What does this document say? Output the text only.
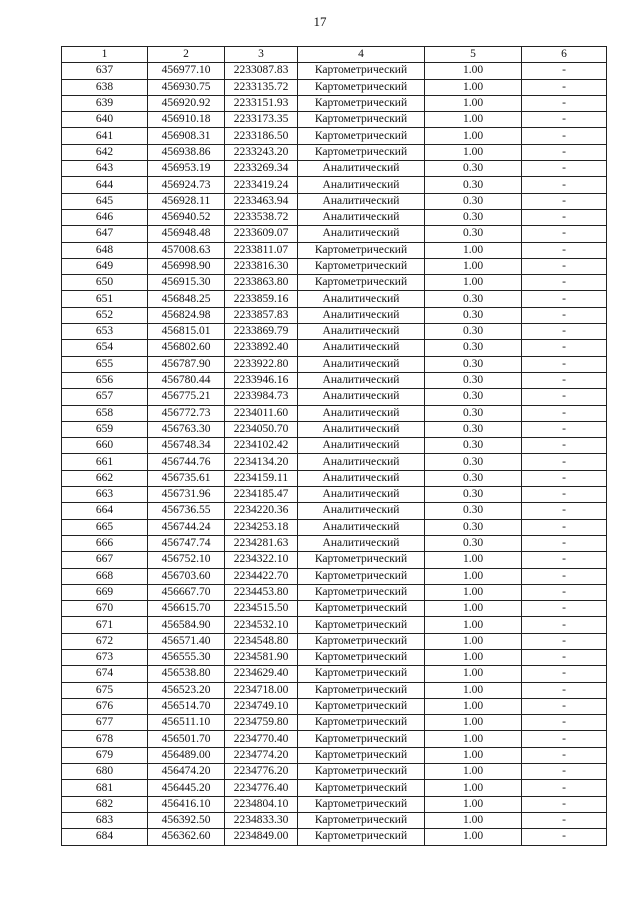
17
1	2	3	4	5	6
637	456977.10	2233087.83	Картометрический	1.00	-
638	456930.75	2233135.72	Картометрический	1.00	-
639	456920.92	2233151.93	Картометрический	1.00	-
640	456910.18	2233173.35	Картометрический	1.00	-
641	456908.31	2233186.50	Картометрический	1.00	-
642	456938.86	2233243.20	Картометрический	1.00	-
643	456953.19	2233269.34	Аналитический	0.30	-
644	456924.73	2233419.24	Аналитический	0.30	-
645	456928.11	2233463.94	Аналитический	0.30	-
646	456940.52	2233538.72	Аналитический	0.30	-
647	456948.48	2233609.07	Аналитический	0.30	-
648	457008.63	2233811.07	Картометрический	1.00	-
649	456998.90	2233816.30	Картометрический	1.00	-
650	456915.30	2233863.80	Картометрический	1.00	-
651	456848.25	2233859.16	Аналитический	0.30	-
652	456824.98	2233857.83	Аналитический	0.30	-
653	456815.01	2233869.79	Аналитический	0.30	-
654	456802.60	2233892.40	Аналитический	0.30	-
655	456787.90	2233922.80	Аналитический	0.30	-
656	456780.44	2233946.16	Аналитический	0.30	-
657	456775.21	2233984.73	Аналитический	0.30	-
658	456772.73	2234011.60	Аналитический	0.30	-
659	456763.30	2234050.70	Аналитический	0.30	-
660	456748.34	2234102.42	Аналитический	0.30	-
661	456744.76	2234134.20	Аналитический	0.30	-
662	456735.61	2234159.11	Аналитический	0.30	-
663	456731.96	2234185.47	Аналитический	0.30	-
664	456736.55	2234220.36	Аналитический	0.30	-
665	456744.24	2234253.18	Аналитический	0.30	-
666	456747.74	2234281.63	Аналитический	0.30	-
667	456752.10	2234322.10	Картометрический	1.00	-
668	456703.60	2234422.70	Картометрический	1.00	-
669	456667.70	2234453.80	Картометрический	1.00	-
670	456615.70	2234515.50	Картометрический	1.00	-
671	456584.90	2234532.10	Картометрический	1.00	-
672	456571.40	2234548.80	Картометрический	1.00	-
673	456555.30	2234581.90	Картометрический	1.00	-
674	456538.80	2234629.40	Картометрический	1.00	-
675	456523.20	2234718.00	Картометрический	1.00	-
676	456514.70	2234749.10	Картометрический	1.00	-
677	456511.10	2234759.80	Картометрический	1.00	-
678	456501.70	2234770.40	Картометрический	1.00	-
679	456489.00	2234774.20	Картометрический	1.00	-
680	456474.20	2234776.20	Картометрический	1.00	-
681	456445.20	2234776.40	Картометрический	1.00	-
682	456416.10	2234804.10	Картометрический	1.00	-
683	456392.50	2234833.30	Картометрический	1.00	-
684	456362.60	2234849.00	Картометрический	1.00	-
